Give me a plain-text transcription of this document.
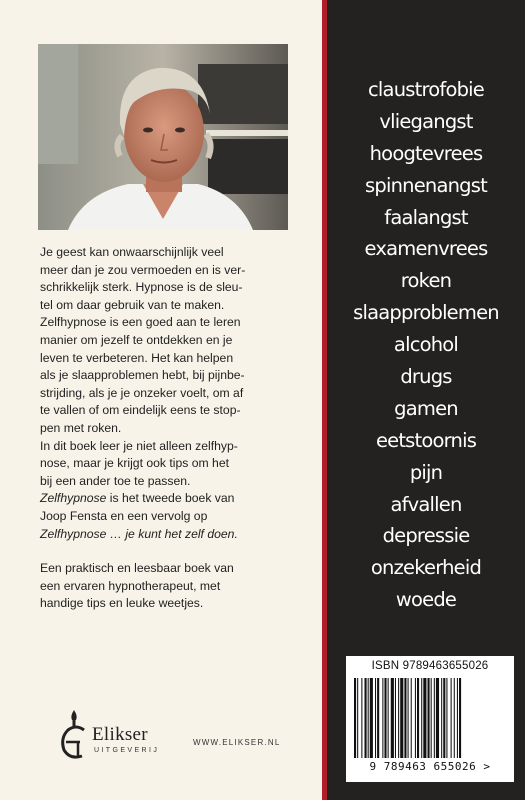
Je geest kan onwaarschijnlijk veel
meer dan je zou vermoeden en is ver-
schrikkelijk sterk. Hypnose is de sleu-
tel om daar gebruik van te maken.
Zelfhypnose is een goed aan te leren
manier om jezelf te ontdekken en je
leven te verbeteren. Het kan helpen
als je slaapproblemen hebt, bij pijnbe-
strijding, als je je onzeker voelt, om af
te vallen of om eindelijk eens te stop-
pen met roken.
In dit boek leer je niet alleen zelfhyp-
nose, maar je krijgt ook tips om het
bij een ander toe te passen.
Zelfhypnose is het tweede boek van
Joop Fensta en een vervolg op
Zelfhypnose … je kunt het zelf doen.

Een praktisch en leesbaar boek van
een ervaren hypnotherapeut, met
handige tips en leuke weetjes.

Elikser
UITGEVERIJ
WWW.ELIKSER.NL
claustrofobie
vliegangst
hoogtevrees
spinnenangst
faalangst
examenvrees
roken
slaapproblemen
alcohol
drugs
gamen
eetstoornis
pijn
afvallen
depressie
onzekerheid
woede
ISBN 9789463655026
9 789463 655026 >
